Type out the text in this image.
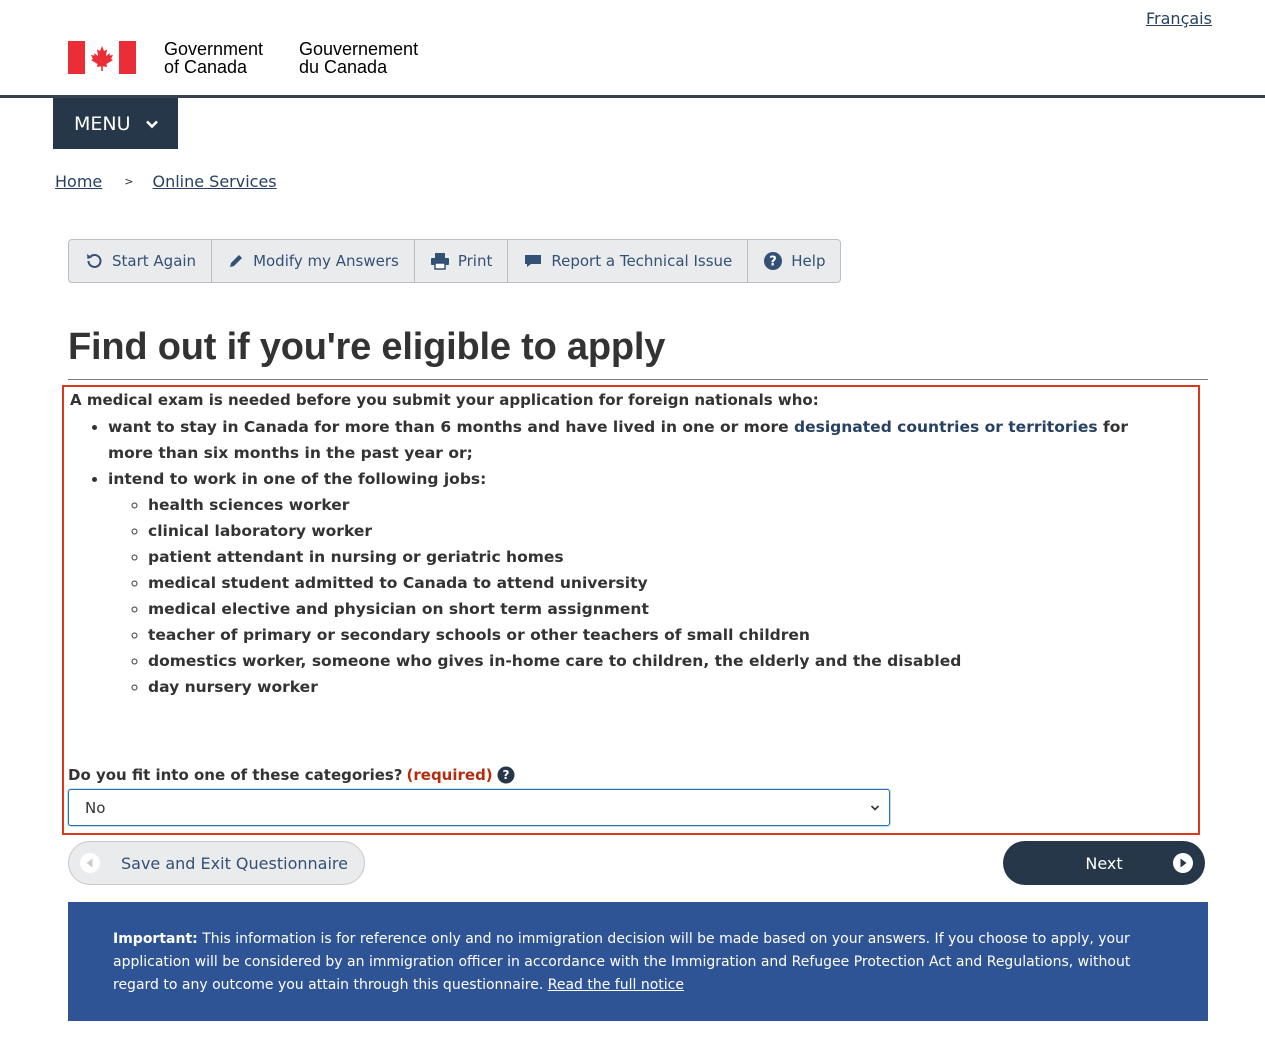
Français
Government
of Canada
Gouvernement
du Canada
MENU
Home > Online Services
Start Again	Modify my Answers	Print	Report a Technical Issue	? Help
Find out if you're eligible to apply
A medical exam is needed before you submit your application for foreign nationals who:
• want to stay in Canada for more than 6 months and have lived in one or more designated countries or territories for more than six months in the past year or;
• intend to work in one of the following jobs:
◦ health sciences worker
◦ clinical laboratory worker
◦ patient attendant in nursing or geriatric homes
◦ medical student admitted to Canada to attend university
◦ medical elective and physician on short term assignment
◦ teacher of primary or secondary schools or other teachers of small children
◦ domestics worker, someone who gives in-home care to children, the elderly and the disabled
◦ day nursery worker
Do you fit into one of these categories? (required) ?
No
Save and Exit Questionnaire	Next
Important: This information is for reference only and no immigration decision will be made based on your answers. If you choose to apply, your application will be considered by an immigration officer in accordance with the Immigration and Refugee Protection Act and Regulations, without regard to any outcome you attain through this questionnaire. Read the full notice
